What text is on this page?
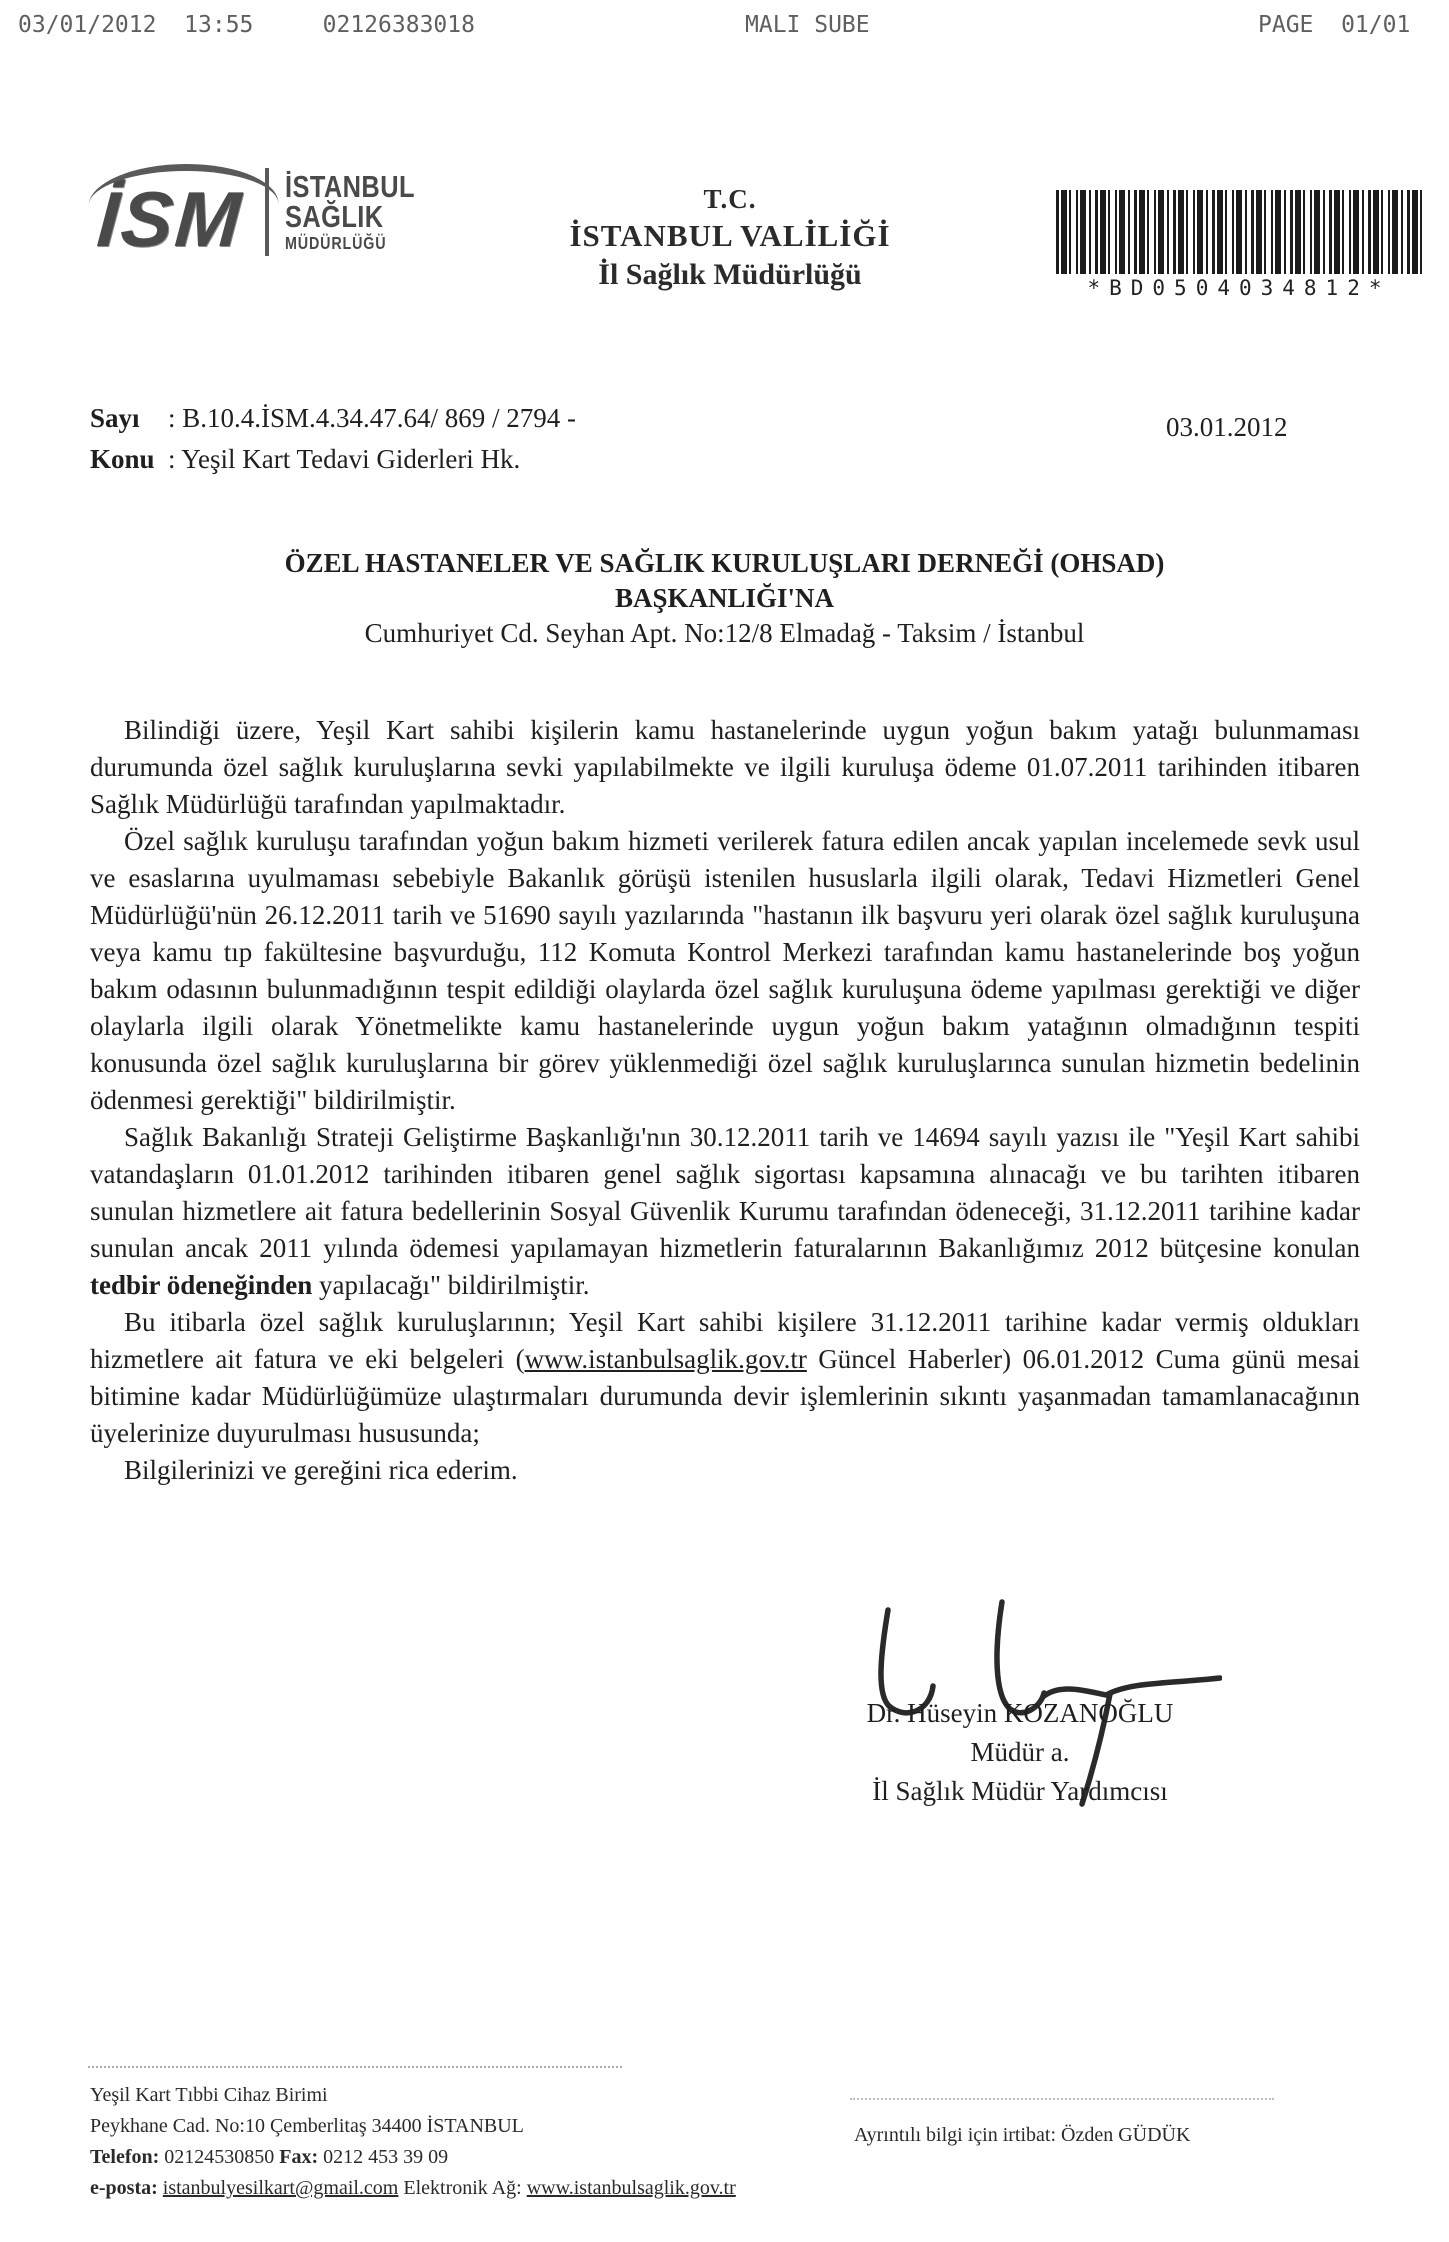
03/01/2012  13:55     02126383018

	MALI SUBE

	PAGE  01/01

İSM İSTANBUL
SAĞLIK
MÜDÜRLÜĞÜ
T.C.
İSTANBUL VALİLİĞİ
İl Sağlık Müdürlüğü	*BD0504034812*
Sayı	: B.10.4.İSM.4.34.47.64/ 869 / 2794 -
Konu : Yeşil Kart Tedavi Giderleri Hk.
03.01.2012
ÖZEL HASTANELER VE SAĞLIK KURULUŞLARI DERNEĞİ (OHSAD)
BAŞKANLIĞI'NA
Cumhuriyet Cd. Seyhan Apt. No:12/8 Elmadağ - Taksim / İstanbul

Bilindiği üzere, Yeşil Kart sahibi kişilerin kamu hastanelerinde uygun yoğun bakım yatağı bulunmaması durumunda özel sağlık kuruluşlarına sevki yapılabilmekte ve ilgili kuruluşa ödeme 01.07.2011 tarihinden itibaren Sağlık Müdürlüğü tarafından yapılmaktadır.

Özel sağlık kuruluşu tarafından yoğun bakım hizmeti verilerek fatura edilen ancak yapılan incelemede sevk usul ve esaslarına uyulmaması sebebiyle Bakanlık görüşü istenilen hususlarla ilgili olarak, Tedavi Hizmetleri Genel Müdürlüğü'nün 26.12.2011 tarih ve 51690 sayılı yazılarında "hastanın ilk başvuru yeri olarak özel sağlık kuruluşuna veya kamu tıp fakültesine başvurduğu, 112 Komuta Kontrol Merkezi tarafından kamu hastanelerinde boş yoğun bakım odasının bulunmadığının tespit edildiği olaylarda özel sağlık kuruluşuna ödeme yapılması gerektiği ve diğer olaylarla ilgili olarak Yönetmelikte kamu hastanelerinde uygun yoğun bakım yatağının olmadığının tespiti konusunda özel sağlık kuruluşlarına bir görev yüklenmediği özel sağlık kuruluşlarınca sunulan hizmetin bedelinin ödenmesi gerektiği" bildirilmiştir.

Sağlık Bakanlığı Strateji Geliştirme Başkanlığı'nın 30.12.2011 tarih ve 14694 sayılı yazısı ile "Yeşil Kart sahibi vatandaşların 01.01.2012 tarihinden itibaren genel sağlık sigortası kapsamına alınacağı ve bu tarihten itibaren sunulan hizmetlere ait fatura bedellerinin Sosyal Güvenlik Kurumu tarafından ödeneceği, 31.12.2011 tarihine kadar sunulan ancak 2011 yılında ödemesi yapılamayan hizmetlerin faturalarının Bakanlığımız 2012 bütçesine konulan tedbir ödeneğinden yapılacağı" bildirilmiştir.

Bu itibarla özel sağlık kuruluşlarının; Yeşil Kart sahibi kişilere 31.12.2011 tarihine kadar vermiş oldukları hizmetlere ait fatura ve eki belgeleri (www.istanbulsaglik.gov.tr Güncel Haberler) 06.01.2012 Cuma günü mesai bitimine kadar Müdürlüğümüze ulaştırmaları durumunda devir işlemlerinin sıkıntı yaşanmadan tamamlanacağının üyelerinize duyurulması hususunda;

Bilgilerinizi ve gereğini rica ederim.

Dr. Hüseyin KOZANOĞLU
Müdür a.
İl Sağlık Müdür Yardımcısı
Yeşil Kart Tıbbi Cihaz Birimi
Peykhane Cad. No:10 Çemberlitaş 34400 İSTANBUL
Telefon: 02124530850 Fax: 0212 453 39 09
e-posta: istanbulyesilkart@gmail.com Elektronik Ağ: www.istanbulsaglik.gov.tr
Ayrıntılı bilgi için irtibat: Özden GÜDÜK
